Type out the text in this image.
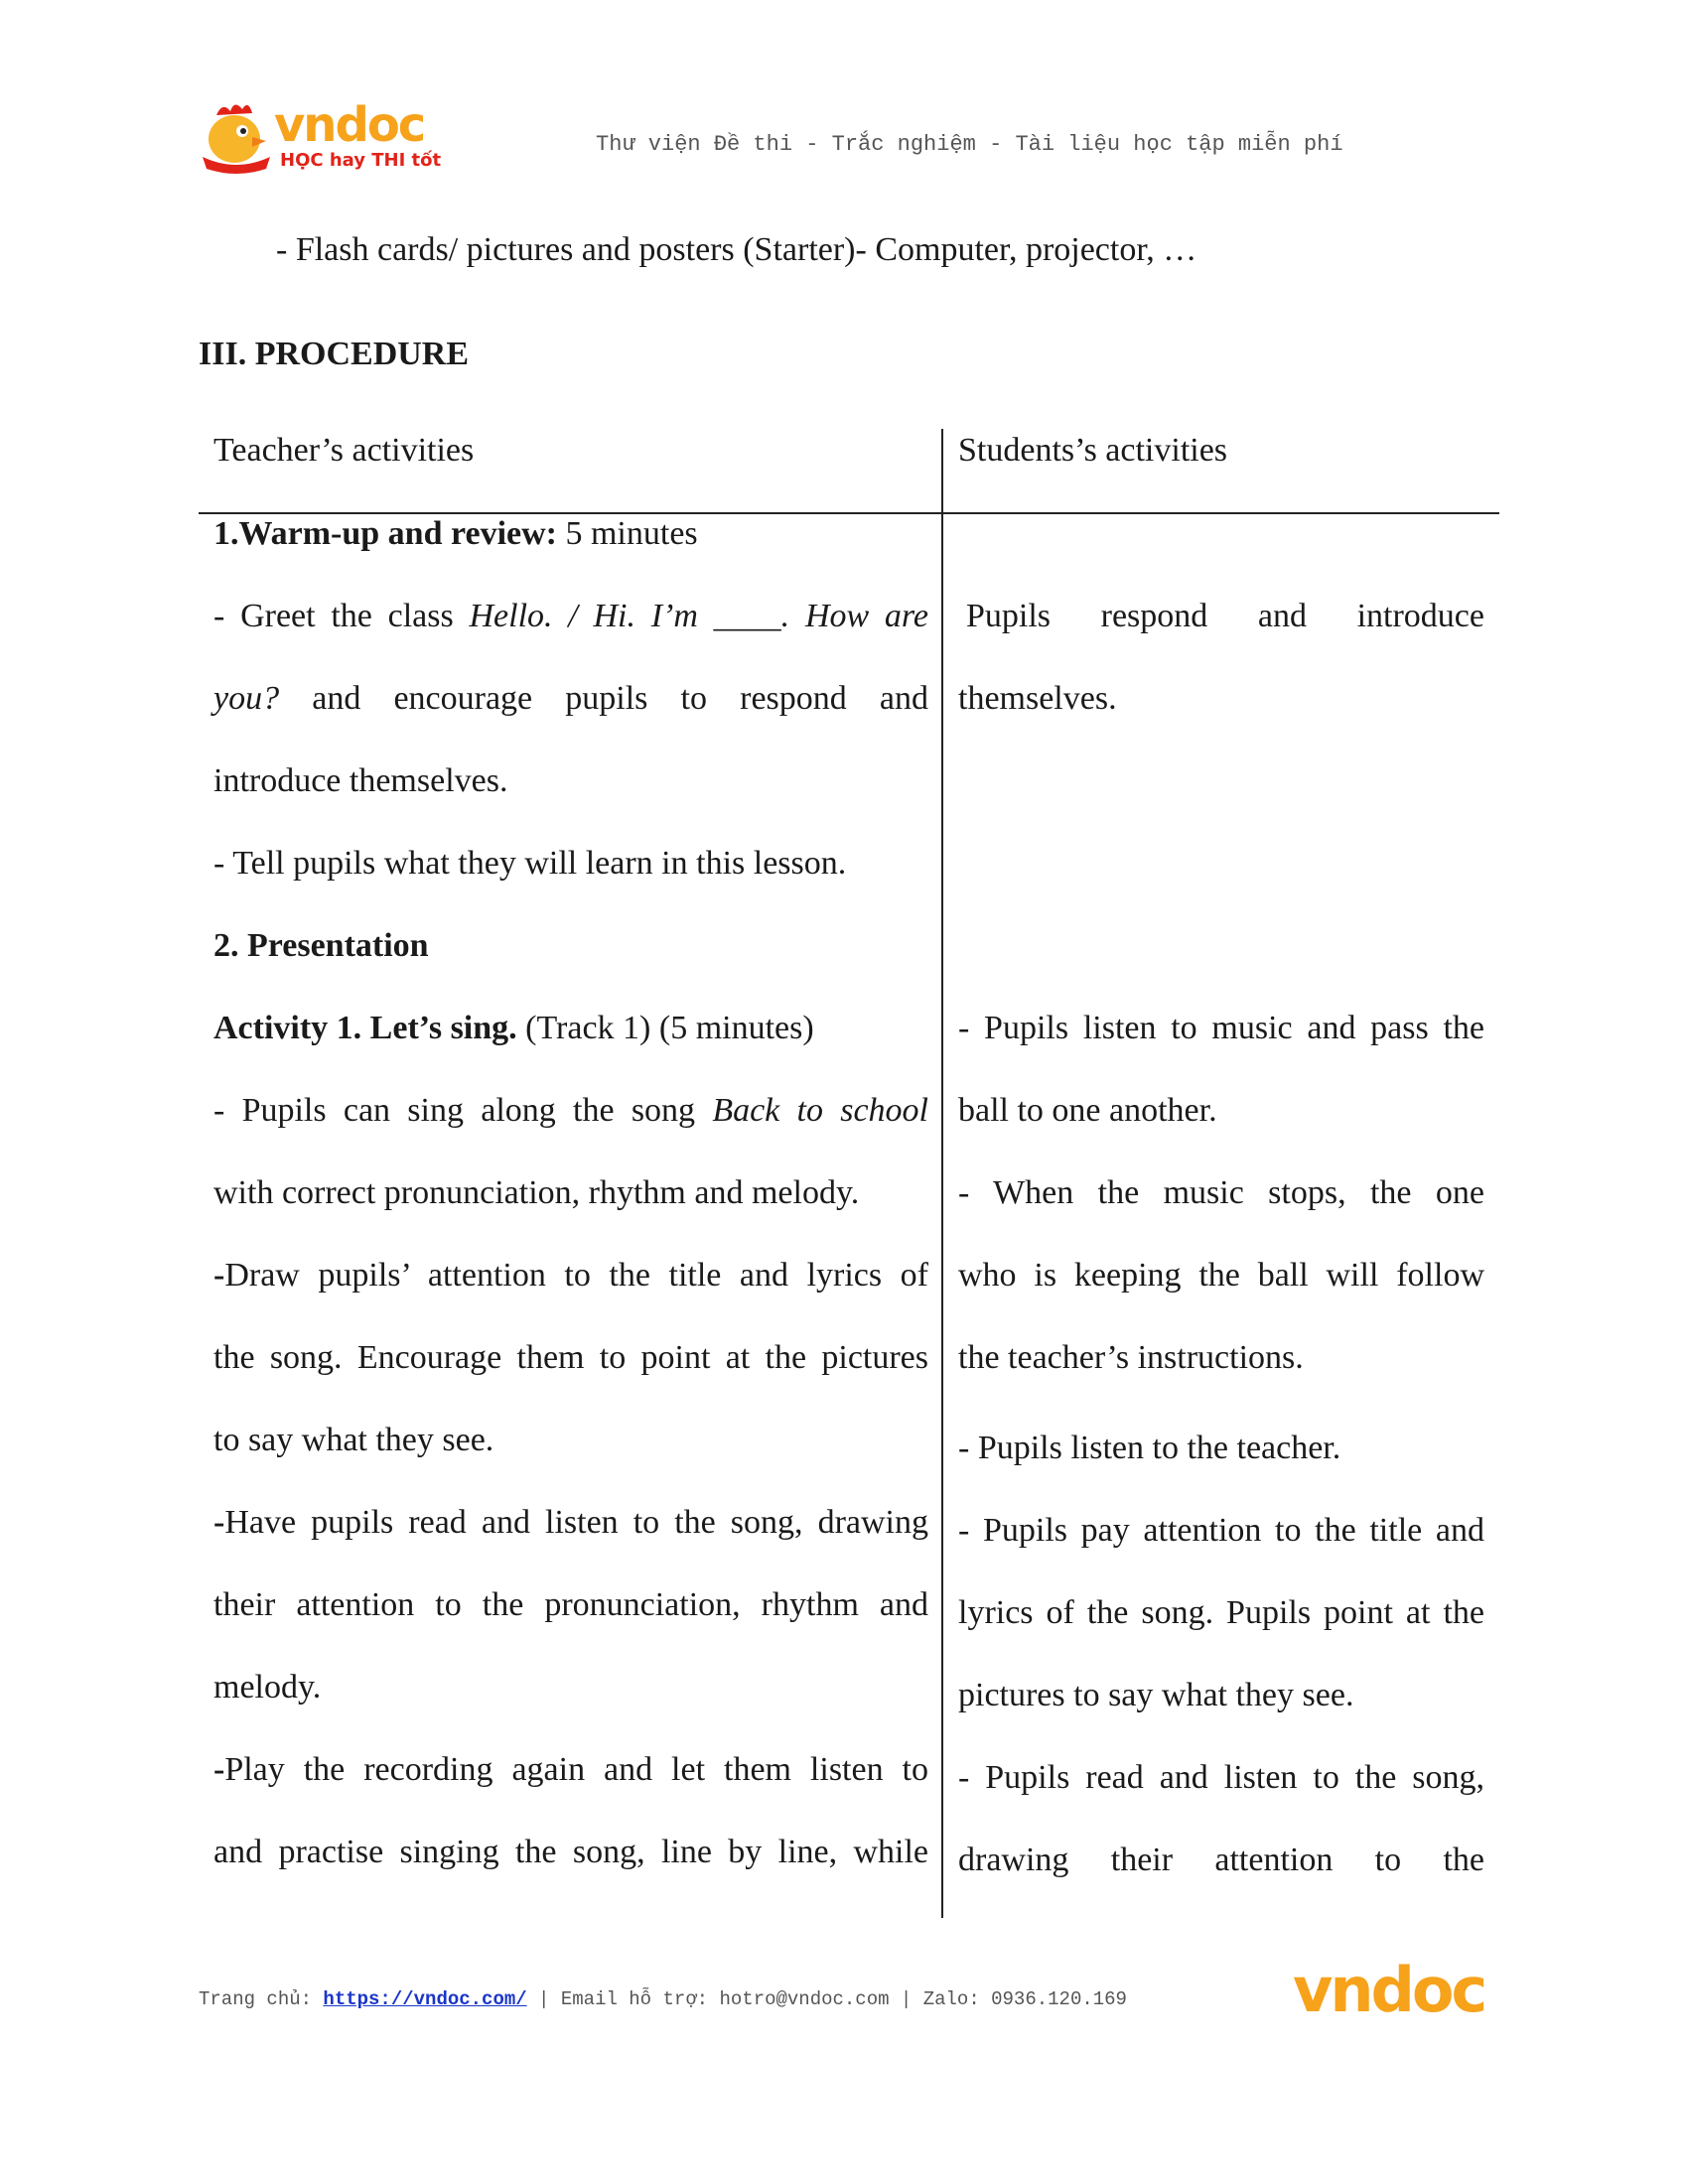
vndoc
HỌC hay THI tốt
Thư viện Đề thi - Trắc nghiệm - Tài liệu học tập miễn phí
- Flash cards/ pictures and posters (Starter)- Computer, projector, …
III. PROCEDURE
Teacher’s activities
1.Warm-up and review: 5 minutes
- Greet the class Hello. / Hi. I’m ____. How are
you? and encourage pupils to respond and
introduce themselves.
- Tell pupils what they will learn in this lesson.
2. Presentation
Activity 1. Let’s sing. (Track 1) (5 minutes)
- Pupils can sing along the song Back to school
with correct pronunciation, rhythm and melody.
-Draw pupils’ attention to the title and lyrics of
the song. Encourage them to point at the pictures
to say what they see.
-Have pupils read and listen to the song, drawing
their attention to the pronunciation, rhythm and
melody.
-Play the recording again and let them listen to
and practise singing the song, line by line, while
Students’s activities
Pupils respond and introduce
themselves.
- Pupils listen to music and pass the
ball to one another.
- When the music stops, the one
who is keeping the ball will follow
the teacher’s instructions.
- Pupils listen to the teacher.
- Pupils pay attention to the title and
lyrics of the song. Pupils point at the
pictures to say what they see.
- Pupils read and listen to the song,
drawing their attention to the
Trang chủ: https://vndoc.com/ | Email hỗ trợ: hotro@vndoc.com | Zalo: 0936.120.169	vndoc
